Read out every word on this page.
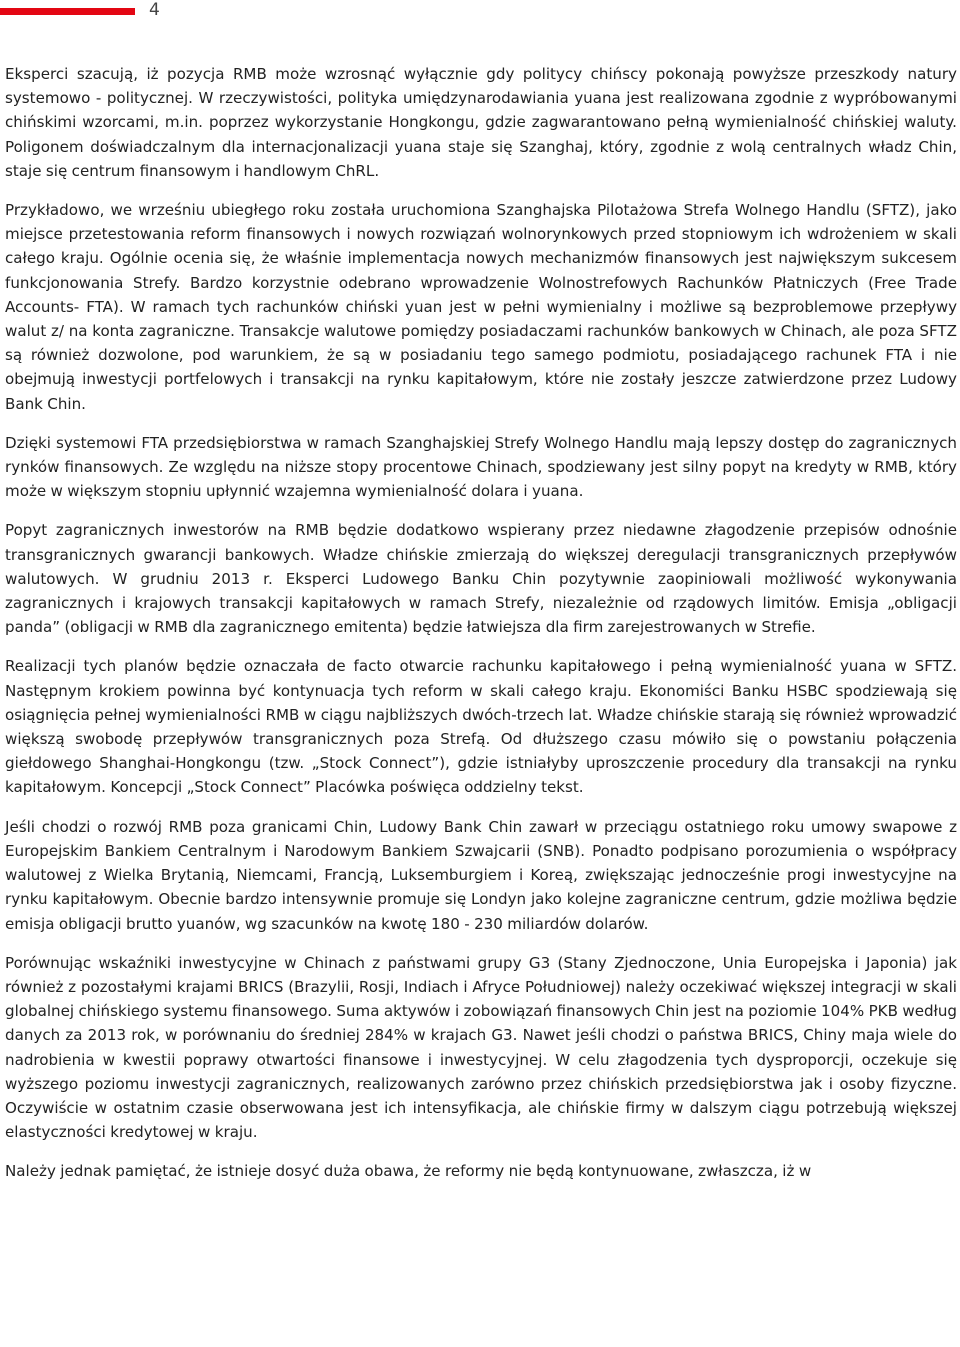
4

Eksperci szacują, iż pozycja RMB może wzrosnąć wyłącznie gdy politycy chińscy pokonają powyższe przeszkody natury systemowo - politycznej. W rzeczywistości, polityka umiędzynarodawiania yuana jest realizowana zgodnie z wypróbowanymi chińskimi wzorcami, m.in. poprzez wykorzystanie Hongkongu, gdzie zagwarantowano pełną wymienialność chińskiej waluty. Poligonem doświadczalnym dla internacjonalizacji yuana staje się Szanghaj, który, zgodnie z wolą centralnych władz Chin, staje się centrum finansowym i handlowym ChRL.

Przykładowo, we wrześniu ubiegłego roku została uruchomiona Szanghajska Pilotażowa Strefa Wolnego Handlu (SFTZ), jako miejsce przetestowania reform finansowych i nowych rozwiązań wolnorynkowych przed stopniowym ich wdrożeniem w skali całego kraju. Ogólnie ocenia się, że właśnie implementacja nowych mechanizmów finansowych jest największym sukcesem funkcjonowania Strefy. Bardzo korzystnie odebrano wprowadzenie Wolnostrefowych Rachunków Płatniczych (Free Trade Accounts- FTA). W ramach tych rachunków chiński yuan jest w pełni wymienialny i możliwe są bezproblemowe przepływy walut z/ na konta zagraniczne. Transakcje walutowe pomiędzy posiadaczami rachunków bankowych w Chinach, ale poza SFTZ są również dozwolone, pod warunkiem, że są w posiadaniu tego samego podmiotu, posiadającego rachunek FTA i nie obejmują inwestycji portfelowych i transakcji na rynku kapitałowym, które nie zostały jeszcze zatwierdzone przez Ludowy Bank Chin.

Dzięki systemowi FTA przedsiębiorstwa w ramach Szanghajskiej Strefy Wolnego Handlu mają lepszy dostęp do zagranicznych rynków finansowych. Ze względu na niższe stopy procentowe Chinach, spodziewany jest silny popyt na kredyty w RMB, który może w większym stopniu upłynnić wzajemna wymienialność dolara i yuana.

Popyt zagranicznych inwestorów na RMB będzie dodatkowo wspierany przez niedawne złagodzenie przepisów odnośnie transgranicznych gwarancji bankowych. Władze chińskie zmierzają do większej deregulacji transgranicznych przepływów walutowych. W grudniu 2013 r. Eksperci Ludowego Banku Chin pozytywnie zaopiniowali możliwość wykonywania zagranicznych i krajowych transakcji kapitałowych w ramach Strefy, niezależnie od rządowych limitów. Emisja „obligacji panda” (obligacji w RMB dla zagranicznego emitenta) będzie łatwiejsza dla firm zarejestrowanych w Strefie.

Realizacji tych planów będzie oznaczała de facto otwarcie rachunku kapitałowego i pełną wymienialność yuana w SFTZ. Następnym krokiem powinna być kontynuacja tych reform w skali całego kraju. Ekonomiści Banku HSBC spodziewają się osiągnięcia pełnej wymienialności RMB w ciągu najbliższych dwóch-trzech lat. Władze chińskie starają się również wprowadzić większą swobodę przepływów transgranicznych poza Strefą. Od dłuższego czasu mówiło się o powstaniu połączenia giełdowego Shanghai-Hongkongu (tzw. „Stock Connect”), gdzie istniałyby uproszczenie procedury dla transakcji na rynku kapitałowym. Koncepcji „Stock Connect” Placówka poświęca oddzielny tekst.

Jeśli chodzi o rozwój RMB poza granicami Chin, Ludowy Bank Chin zawarł w przeciągu ostatniego roku umowy swapowe z Europejskim Bankiem Centralnym i Narodowym Bankiem Szwajcarii (SNB). Ponadto podpisano porozumienia o współpracy walutowej z Wielka Brytanią, Niemcami, Francją, Luksemburgiem i Koreą, zwiększając jednocześnie progi inwestycyjne na rynku kapitałowym. Obecnie bardzo intensywnie promuje się Londyn jako kolejne zagraniczne centrum, gdzie możliwa będzie emisja obligacji brutto yuanów, wg szacunków na kwotę 180 - 230 miliardów dolarów.

Porównując wskaźniki inwestycyjne w Chinach z państwami grupy G3 (Stany Zjednoczone, Unia Europejska i Japonia) jak również z pozostałymi krajami BRICS (Brazylii, Rosji, Indiach i Afryce Południowej) należy oczekiwać większej integracji w skali globalnej chińskiego systemu finansowego. Suma aktywów i zobowiązań finansowych Chin jest na poziomie 104% PKB według danych za 2013 rok, w porównaniu do średniej 284% w krajach G3. Nawet jeśli chodzi o państwa BRICS, Chiny maja wiele do nadrobienia w kwestii poprawy otwartości finansowe i inwestycyjnej. W celu złagodzenia tych dysproporcji, oczekuje się wyższego poziomu inwestycji zagranicznych, realizowanych zarówno przez chińskich przedsiębiorstwa jak i osoby fizyczne. Oczywiście w ostatnim czasie obserwowana jest ich intensyfikacja, ale chińskie firmy w dalszym ciągu potrzebują większej elastyczności kredytowej w kraju.

Należy jednak pamiętać, że istnieje dosyć duża obawa, że reformy nie będą kontynuowane, zwłaszcza, iż w
